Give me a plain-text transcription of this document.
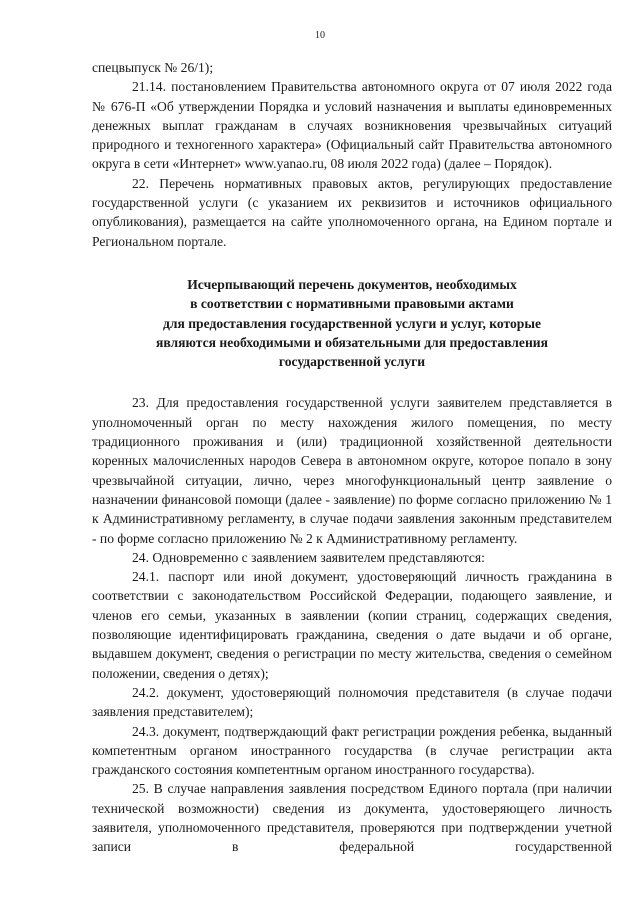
10

спецвыпуск № 26/1);

21.14. постановлением Правительства автономного округа от 07 июля 2022 года № 676-П «Об утверждении Порядка и условий назначения и выплаты единовременных денежных выплат гражданам в случаях возникновения чрезвычайных ситуаций природного и техногенного характера» (Официальный сайт Правительства автономного округа в сети «Интернет» www.yanao.ru, 08 июля 2022 года) (далее – Порядок).

22. Перечень нормативных правовых актов, регулирующих предоставление государственной услуги (с указанием их реквизитов и источников официального опубликования), размещается на сайте уполномоченного органа, на Едином портале и Региональном портале.

Исчерпывающий перечень документов, необходимых
в соответствии с нормативными правовыми актами
для предоставления государственной услуги и услуг, которые
являются необходимыми и обязательными для предоставления
государственной услуги

23. Для предоставления государственной услуги заявителем представляется в уполномоченный орган по месту нахождения жилого помещения, по месту традиционного проживания и (или) традиционной хозяйственной деятельности коренных малочисленных народов Севера в автономном округе, которое попало в зону чрезвычайной ситуации, лично, через многофункциональный центр заявление о назначении финансовой помощи (далее - заявление) по форме согласно приложению № 1 к Административному регламенту, в случае подачи заявления законным представителем - по форме согласно приложению № 2 к Административному регламенту.

24. Одновременно с заявлением заявителем представляются:

24.1. паспорт или иной документ, удостоверяющий личность гражданина в соответствии с законодательством Российской Федерации, подающего заявление, и членов его семьи, указанных в заявлении (копии страниц, содержащих сведения, позволяющие идентифицировать гражданина, сведения о дате выдачи и об органе, выдавшем документ, сведения о регистрации по месту жительства, сведения о семейном положении, сведения о детях);

24.2. документ, удостоверяющий полномочия представителя (в случае подачи заявления представителем);

24.3. документ, подтверждающий факт регистрации рождения ребенка, выданный компетентным органом иностранного государства (в случае регистрации акта гражданского состояния компетентным органом иностранного государства).

25. В случае направления заявления посредством Единого портала (при наличии технической возможности) сведения из документа, удостоверяющего личность заявителя, уполномоченного представителя, проверяются при подтверждении учетной записи в федеральной государственной
